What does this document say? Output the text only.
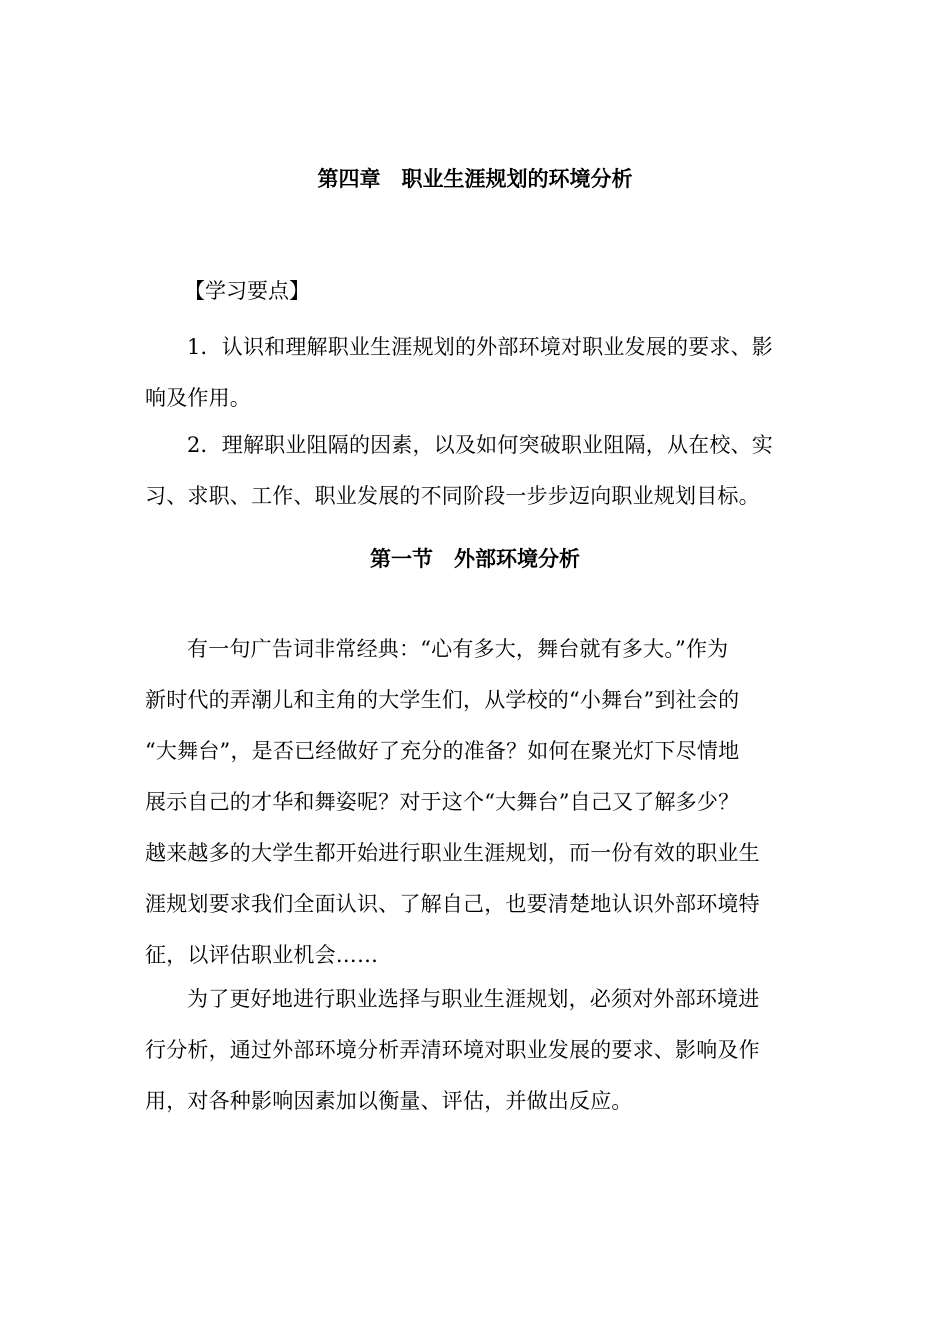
第四章　职业生涯规划的环境分析

【学习要点】

1．认识和理解职业生涯规划的外部环境对职业发展的要求、影
响及作用。

2．理解职业阻隔的因素，以及如何突破职业阻隔，从在校、实
习、求职、工作、职业发展的不同阶段一步步迈向职业规划目标。

第一节　外部环境分析

有一句广告词非常经典：“心有多大，舞台就有多大。”作为
新时代的弄潮儿和主角的大学生们，从学校的“小舞台”到社会的
“大舞台”，是否已经做好了充分的准备？如何在聚光灯下尽情地
展示自己的才华和舞姿呢？对于这个“大舞台”自己又了解多少？
越来越多的大学生都开始进行职业生涯规划，而一份有效的职业生
涯规划要求我们全面认识、了解自己，也要清楚地认识外部环境特
征，以评估职业机会……

为了更好地进行职业选择与职业生涯规划，必须对外部环境进
行分析，通过外部环境分析弄清环境对职业发展的要求、影响及作
用，对各种影响因素加以衡量、评估，并做出反应。
